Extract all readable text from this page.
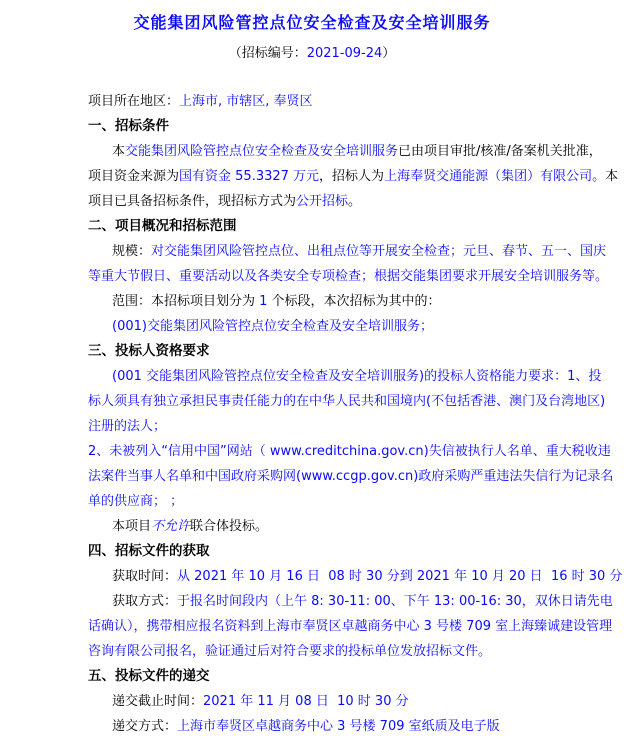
交能集团风险管控点位安全检查及安全培训服务
（招标编号：2021-09-24）
项目所在地区：上海市, 市辖区, 奉贤区
一、招标条件
本交能集团风险管控点位安全检查及安全培训服务已由项目审批/核准/备案机关批准，
项目资金来源为国有资金 55.3327 万元，招标人为上海奉贤交通能源（集团）有限公司。本
项目已具备招标条件，现招标方式为公开招标。
二、项目概况和招标范围
规模：对交能集团风险管控点位、出租点位等开展安全检查；元旦、春节、五一、国庆
等重大节假日、重要活动以及各类安全专项检查；根据交能集团要求开展安全培训服务等。
范围：本招标项目划分为 1 个标段，本次招标为其中的：
(001)交能集团风险管控点位安全检查及安全培训服务；
三、投标人资格要求
(001 交能集团风险管控点位安全检查及安全培训服务)的投标人资格能力要求：1、投
标人须具有独立承担民事责任能力的在中华人民共和国境内(不包括香港、澳门及台湾地区)
注册的法人；
2、未被列入“信用中国”网站（ www.creditchina.gov.cn)失信被执行人名单、重大税收违
法案件当事人名单和中国政府采购网(www.ccgp.gov.cn)政府采购严重违法失信行为记录名
单的供应商； ；
本项目不允许联合体投标。
四、招标文件的获取
获取时间：从 2021 年 10 月 16 日  08 时 30 分到 2021 年 10 月 20 日  16 时 30 分
获取方式：于报名时间段内（上午 8: 30-11: 00、下午 13: 00-16: 30，双休日请先电
话确认），携带相应报名资料到上海市奉贤区卓越商务中心 3 号楼 709 室上海臻诚建设管理
咨询有限公司报名，验证通过后对符合要求的投标单位发放招标文件。
五、投标文件的递交
递交截止时间：2021 年 11 月 08 日  10 时 30 分
递交方式：上海市奉贤区卓越商务中心 3 号楼 709 室纸质及电子版
